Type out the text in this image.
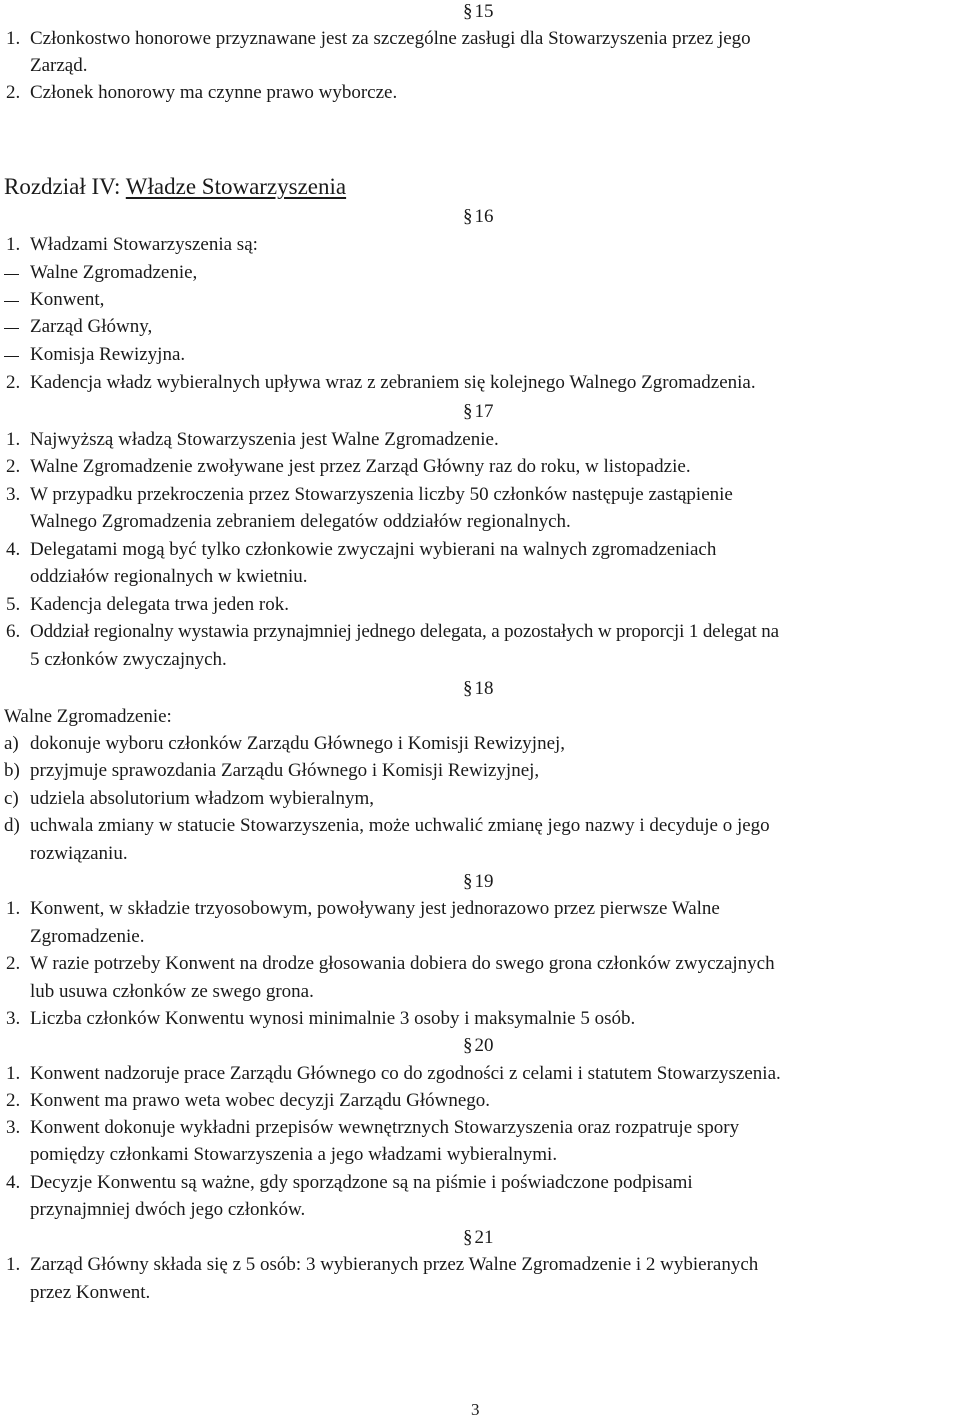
§ 15
1. Członkostwo honorowe przyznawane jest za szczególne zasługi dla Stowarzyszenia przez jego
Zarząd.
2. Członek honorowy ma czynne prawo wyborcze.
Rozdział IV: Władze Stowarzyszenia
§ 16
1. Władzami Stowarzyszenia są:
Walne Zgromadzenie,
Konwent,
Zarząd Główny,
Komisja Rewizyjna.
2. Kadencja władz wybieralnych upływa wraz z zebraniem się kolejnego Walnego Zgromadzenia.
§ 17
1. Najwyższą władzą Stowarzyszenia jest Walne Zgromadzenie.
2. Walne Zgromadzenie zwoływane jest przez Zarząd Główny raz do roku, w listopadzie.
3. W przypadku przekroczenia przez Stowarzyszenia liczby 50 członków następuje zastąpienie
Walnego Zgromadzenia zebraniem delegatów oddziałów regionalnych.
4. Delegatami mogą być tylko członkowie zwyczajni wybierani na walnych zgromadzeniach
oddziałów regionalnych w kwietniu.
5. Kadencja delegata trwa jeden rok.
6. Oddział regionalny wystawia przynajmniej jednego delegata, a pozostałych w proporcji 1 delegat na
5 członków zwyczajnych.
§ 18
Walne Zgromadzenie:
a) dokonuje wyboru członków Zarządu Głównego i Komisji Rewizyjnej,
b) przyjmuje sprawozdania Zarządu Głównego i Komisji Rewizyjnej,
c) udziela absolutorium władzom wybieralnym,
d) uchwala zmiany w statucie Stowarzyszenia, może uchwalić zmianę jego nazwy i decyduje o jego
rozwiązaniu.
§ 19
1. Konwent, w składzie trzyosobowym, powoływany jest jednorazowo przez pierwsze Walne
Zgromadzenie.
2. W razie potrzeby Konwent na drodze głosowania dobiera do swego grona członków zwyczajnych
lub usuwa członków ze swego grona.
3. Liczba członków Konwentu wynosi minimalnie 3 osoby i maksymalnie 5 osób.
§ 20
1. Konwent nadzoruje prace Zarządu Głównego co do zgodności z celami i statutem Stowarzyszenia.
2. Konwent ma prawo weta wobec decyzji Zarządu Głównego.
3. Konwent dokonuje wykładni przepisów wewnętrznych Stowarzyszenia oraz rozpatruje spory
pomiędzy członkami Stowarzyszenia a jego władzami wybieralnymi.
4. Decyzje Konwentu są ważne, gdy sporządzone są na piśmie i poświadczone podpisami
przynajmniej dwóch jego członków.
§ 21
1. Zarząd Główny składa się z 5 osób: 3 wybieranych przez Walne Zgromadzenie i 2 wybieranych
przez Konwent.
3
